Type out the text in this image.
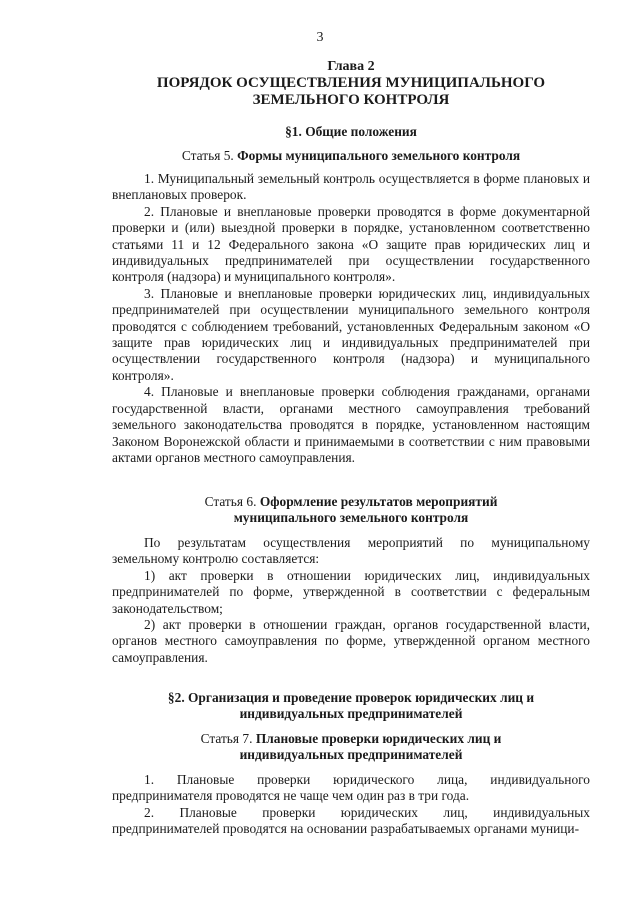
3
Глава 2
ПОРЯДОК ОСУЩЕСТВЛЕНИЯ МУНИЦИПАЛЬНОГО
ЗЕМЕЛЬНОГО КОНТРОЛЯ
§1. Общие положения
Статья 5. Формы муниципального земельного контроля

1. Муниципальный земельный контроль осуществляется в форме плановых и внеплановых проверок.

2. Плановые и внеплановые проверки проводятся в форме документарной проверки и (или) выездной проверки в порядке, установленном соответственно статьями 11 и 12 Федерального закона «О защите прав юридических лиц и индивидуальных предпринимателей при осуществлении государственного контроля (надзора) и муниципального контроля».

3. Плановые и внеплановые проверки юридических лиц, индивидуальных предпринимателей при осуществлении муниципального земельного контроля проводятся с соблюдением требований, установленных Федеральным законом «О защите прав юридических лиц и индивидуальных предпринимателей при осуществлении государственного контроля (надзора) и муниципального контроля».

4. Плановые и внеплановые проверки соблюдения гражданами, органами государственной власти, органами местного самоуправления требований земельного законодательства проводятся в порядке, установленном настоящим Законом Воронежской области и принимаемыми в соответствии с ним правовыми актами органов местного самоуправления.

Статья 6. Оформление результатов мероприятий
муниципального земельного контроля

По результатам осуществления мероприятий по муниципальному земельному контролю составляется:

1) акт проверки в отношении юридических лиц, индивидуальных предпринимателей по форме, утвержденной в соответствии с федеральным законодательством;

2) акт проверки в отношении граждан, органов государственной власти, органов местного самоуправления по форме, утвержденной органом местного самоуправления.

§2. Организация и проведение проверок юридических лиц и
индивидуальных предпринимателей
Статья 7. Плановые проверки юридических лиц и
индивидуальных предпринимателей

1. Плановые проверки юридического лица, индивидуального предпринимателя проводятся не чаще чем один раз в три года.

2. Плановые проверки юридических лиц, индивидуальных предпринимателей проводятся на основании разрабатываемых органами муници-
